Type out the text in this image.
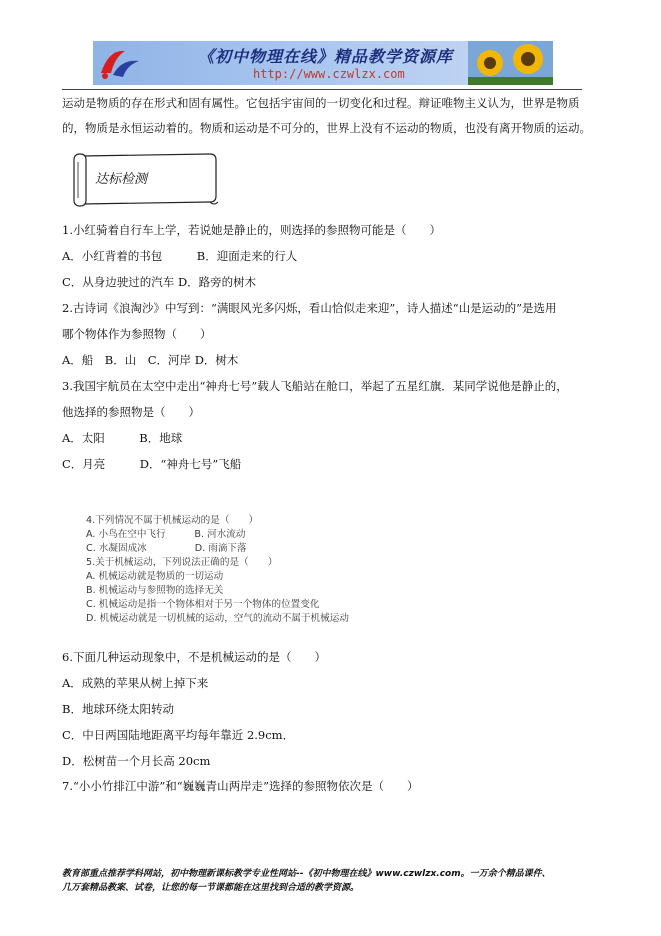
《初中物理在线》精品教学资源库
http://www.czwlzx.com
运动是物质的存在形式和固有属性。它包括宇宙间的一切变化和过程。辩证唯物主义认为，世界是物质
的，物质是永恒运动着的。物质和运动是不可分的，世界上没有不运动的物质，也没有离开物质的运动。
达标检测
1.小红骑着自行车上学，若说她是静止的，则选择的参照物可能是（　　）
A．小红背着的书包　　　B．迎面走来的行人
C．从身边驶过的汽车 D．路旁的树木
2.古诗词《浪淘沙》中写到：“满眼风光多闪烁，看山恰似走来迎”，诗人描述“山是运动的”是选用
哪个物体作为参照物（　　）
A．船　B．山　C．河岸 D．树木
3.我国宇航员在太空中走出“神舟七号”载人飞船站在舱口，举起了五星红旗．某同学说他是静止的，
他选择的参照物是（　　）
A．太阳　　　B．地球
C．月亮　　　D．“神舟七号”飞船
4.下列情况不属于机械运动的是（　　）
A. 小鸟在空中飞行　　　B. 河水流动
C. 水凝固成冰　　　　　D. 雨滴下落
5.关于机械运动，下列说法正确的是（　　）
A. 机械运动就是物质的一切运动
B. 机械运动与参照物的选择无关
C. 机械运动是指一个物体相对于另一个物体的位置变化
D. 机械运动就是一切机械的运动，空气的流动不属于机械运动
6.下面几种运动现象中，不是机械运动的是（　　）
A．成熟的苹果从树上掉下来
B．地球环绕太阳转动
C．中日两国陆地距离平均每年靠近 2.9cm．
D．松树苗一个月长高 20cm
7.“小小竹排江中游”和“巍巍青山两岸走”选择的参照物依次是（　　）
教育部重点推荐学科网站，初中物理新课标教学专业性网站--《初中物理在线》www.czwlzx.com。一万余个精品课件、
几万套精品教案、试卷，让您的每一节课都能在这里找到合适的教学资源。
